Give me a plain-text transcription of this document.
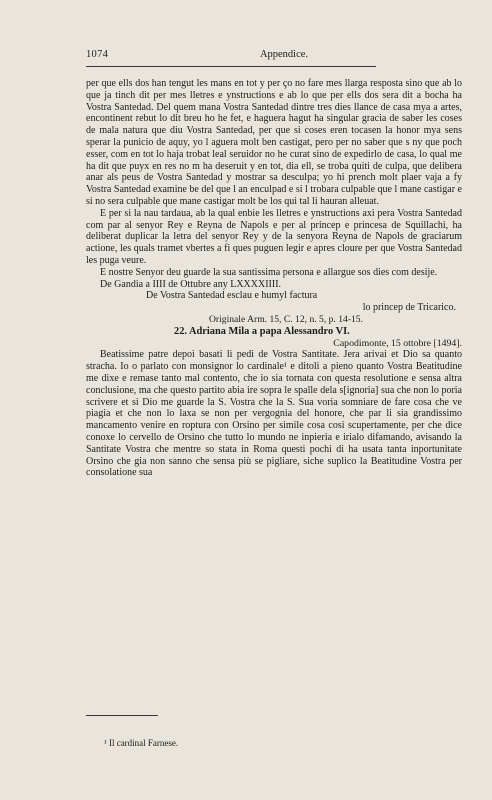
1074	Appendice.

per que ells dos han tengut les mans en tot y per ço no fare mes llarga resposta sino que ab lo que ja tinch dit per mes lletres e ynstructions e ab lo que per ells dos sera dit a bocha ha Vostra Santedad. Del quem mana Vostra Santedad dintre tres dies llance de casa mya a artes, encontinent rebut lo dit breu ho he fet, e haguera hagut ha singular gracia de saber les coses de mala natura que diu Vostra Santedad, per que si coses eren tocasen la honor mya sens sperar la punicio de aquy, yo l aguera molt ben castigat, pero per no saber que s ny que poch esser, com en tot lo haja trobat leal seruidor no he curat sino de expedirlo de casa, lo qual me ha dit que puyx en res no m ha deseruit y en tot, dia ell, se troba quiti de culpa, que delibera anar als peus de Vostra Santedad y mostrar sa desculpa; yo hi prench molt plaer vaja a fy Vostra Santedad examine be del que l an enculpad e si l trobara culpable que l mane castigar e si no sera culpable que mane castigar molt be los qui tal li hauran alleuat.

E per si la nau tardaua, ab la qual enbie les lletres e ynstructions axi pera Vostra Santedad com par al senyor Rey e Reyna de Napols e per al princep e princesa de Squillachi, ha deliberat duplicar la letra del senyor Rey y de la senyora Reyna de Napols de graciarum actione, les quals tramet vbertes a fi ques puguen legir e apres cloure per que Vostra Santedad les puga veure.

E nostre Senyor deu guarde la sua santissima persona e allargue sos dies com desije.

De Gandia a IIII de Ottubre any LXXXXIIII.

De Vostra Santedad esclau e humyl factura

lo princep de Tricarico.

Originale Arm. 15, C. 12, n. 5, p. 14-15.

22. Adriana Mila a papa Alessandro VI.

Capodimonte, 15 ottobre [1494].

Beatissime patre depoi basati li pedi de Vostra Santitate. Jera arivai et Dio sa quanto stracha. Io o parlato con monsignor lo cardinale¹ e ditoli a pieno quanto Vostra Beatitudine me dixe e remase tanto mal contento, che io sia tornata con questa resolutione e sensa altra conclusione, ma che questo partito abia ire sopra le spalle dela s[ignoria] sua che non lo poria scrivere et si Dio me guarde la S. Vostra che la S. Sua voria somniare de fare cosa che ve piagia et che non lo laxa se non per vergognia del honore, che par li sia grandissimo mancamento venire en roptura con Orsino per simile cosa cosi scupertamente, per che dice conoxe lo cervello de Orsino che tutto lo mundo ne inpieria e irialo difamando, avisando la Santitate Vostra che mentre so stata in Roma questi pochi di ha usata tanta inportunitate Orsino che gia non sanno che sensa più se pigliare, siche suplico la Beatitudine Vostra per consolatione sua

¹ Il cardinal Farnese.
